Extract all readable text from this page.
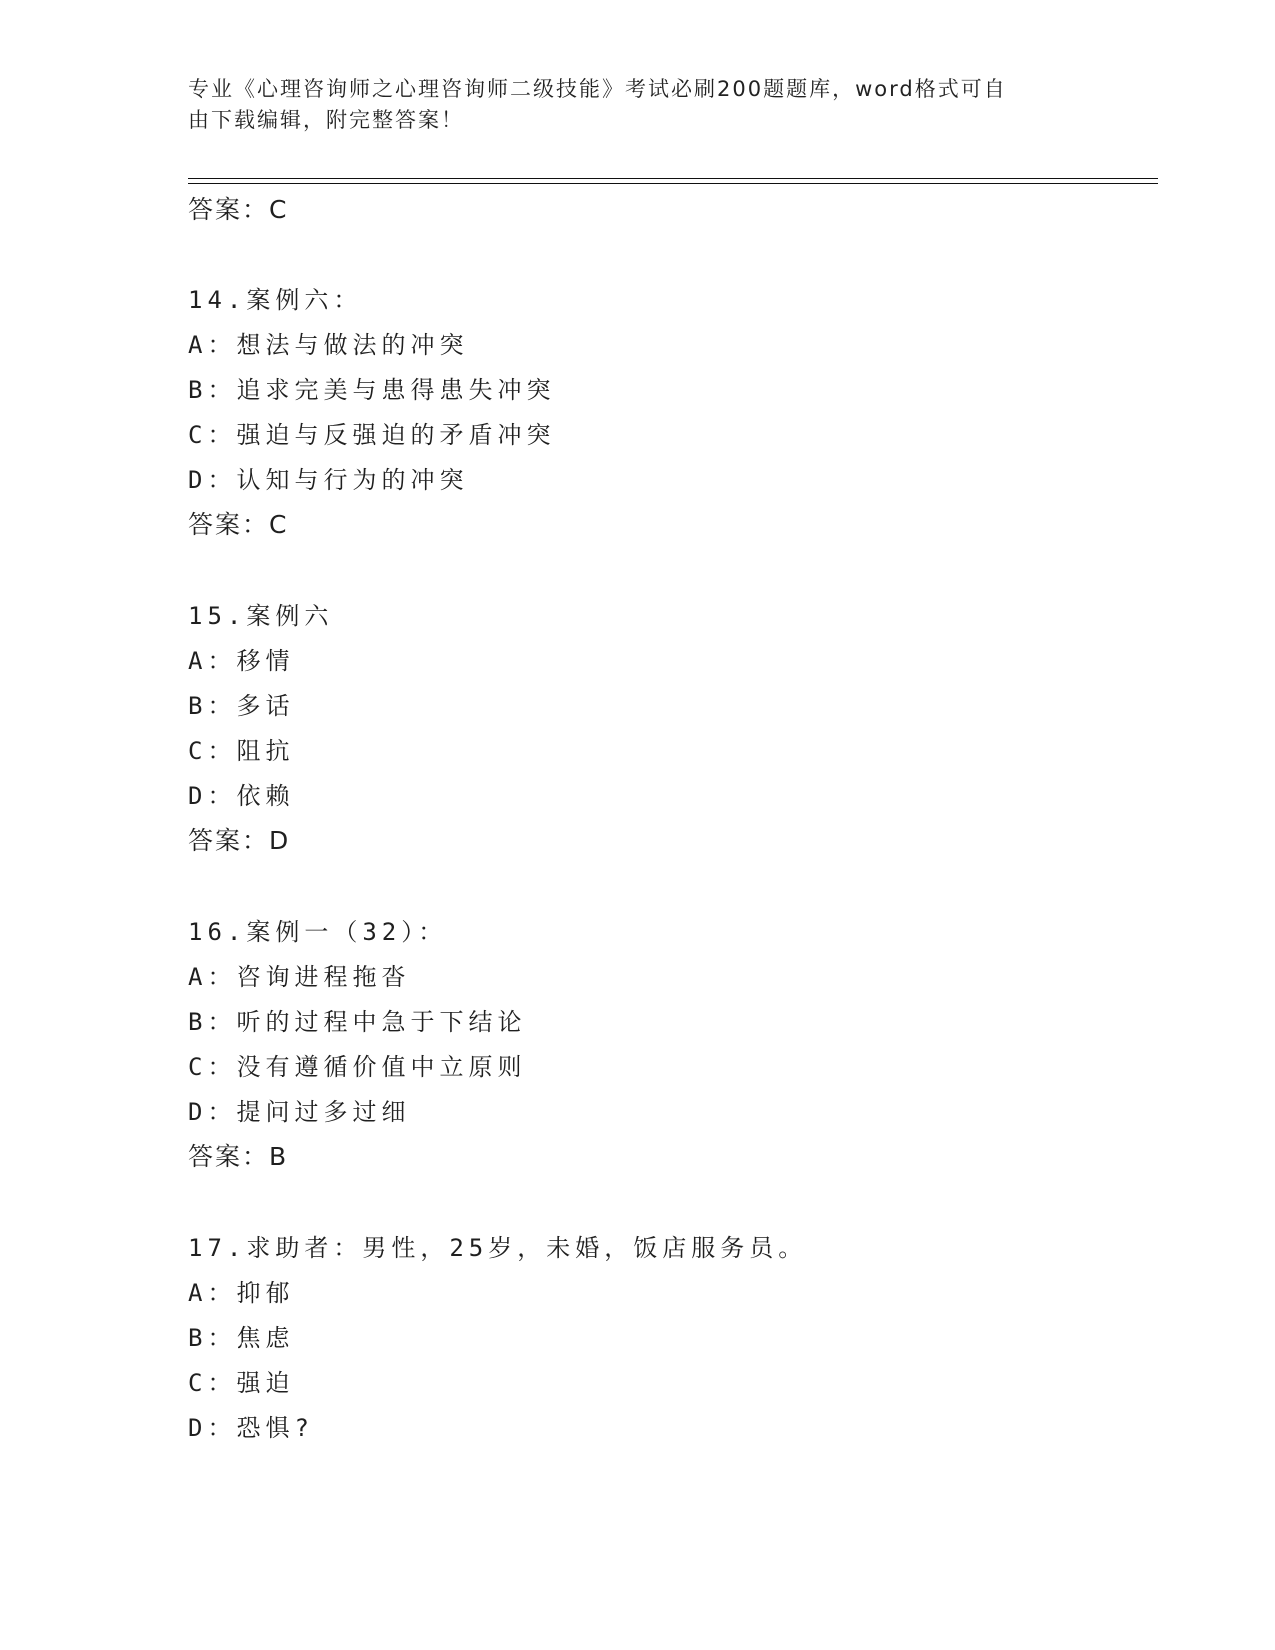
专业《心理咨询师之心理咨询师二级技能》考试必刷200题题库，word格式可自
由下载编辑，附完整答案！
答案：C
14.案例六：
A：想法与做法的冲突
B：追求完美与患得患失冲突
C：强迫与反强迫的矛盾冲突
D：认知与行为的冲突
答案：C
15.案例六
A：移情
B：多话
C：阻抗
D：依赖
答案：D
16.案例一（32）：
A：咨询进程拖沓
B：听的过程中急于下结论
C：没有遵循价值中立原则
D：提问过多过细
答案：B
17.求助者：男性，25岁，未婚，饭店服务员。
A：抑郁
B：焦虑
C：强迫
D：恐惧?
